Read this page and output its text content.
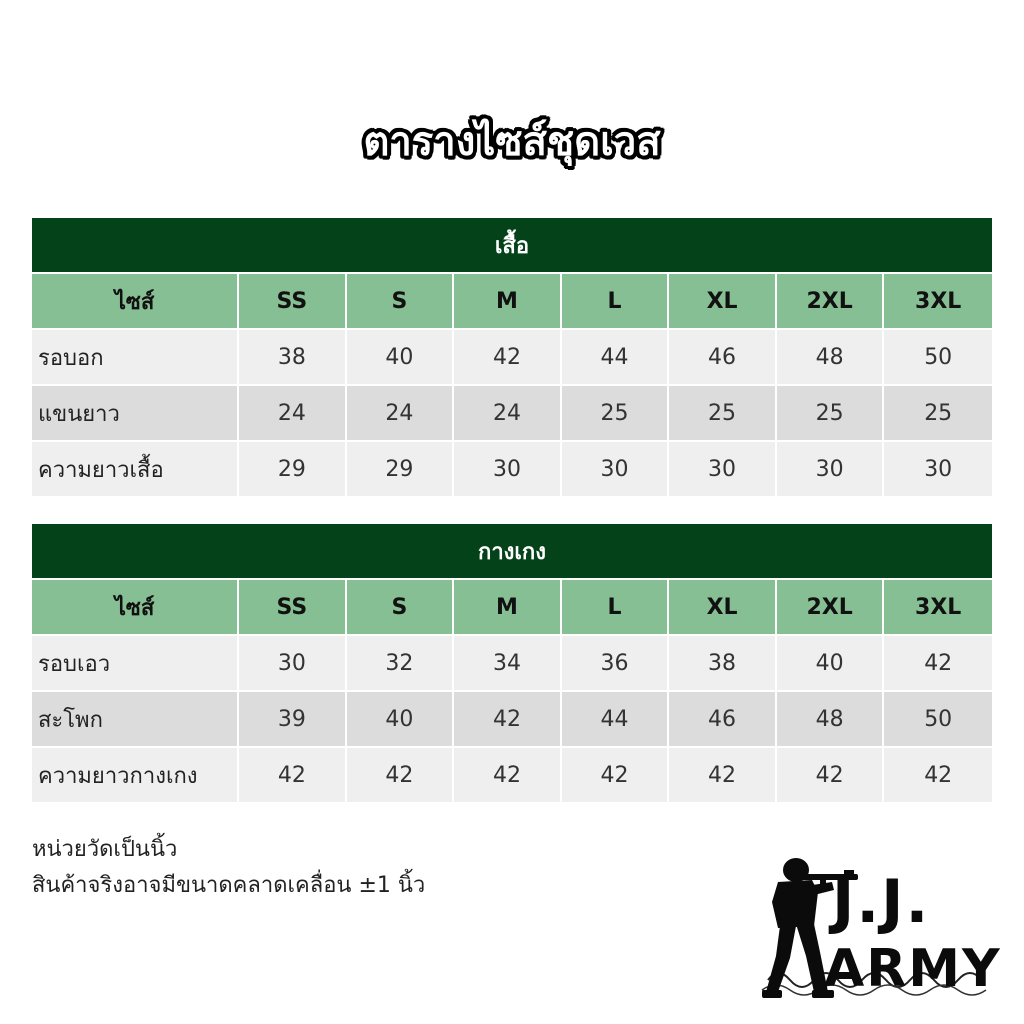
ตารางไซส์ชุดเวส
เสื้อ							
ไซส์	SS	S	M	L	XL	2XL	3XL
รอบอก	38	40	42	44	46	48	50
แขนยาว	24	24	24	25	25	25	25
ความยาวเสื้อ	29	29	30	30	30	30	30
กางเกง							
ไซส์	SS	S	M	L	XL	2XL	3XL
รอบเอว	30	32	34	36	38	40	42
สะโพก	39	40	42	44	46	48	50
ความยาวกางเกง	42	42	42	42	42	42	42

หน่วยวัดเป็นนิ้ว

สินค้าจริงอาจมีขนาดคลาดเคลื่อน ±1 นิ้ว	J.J.
ARMY
